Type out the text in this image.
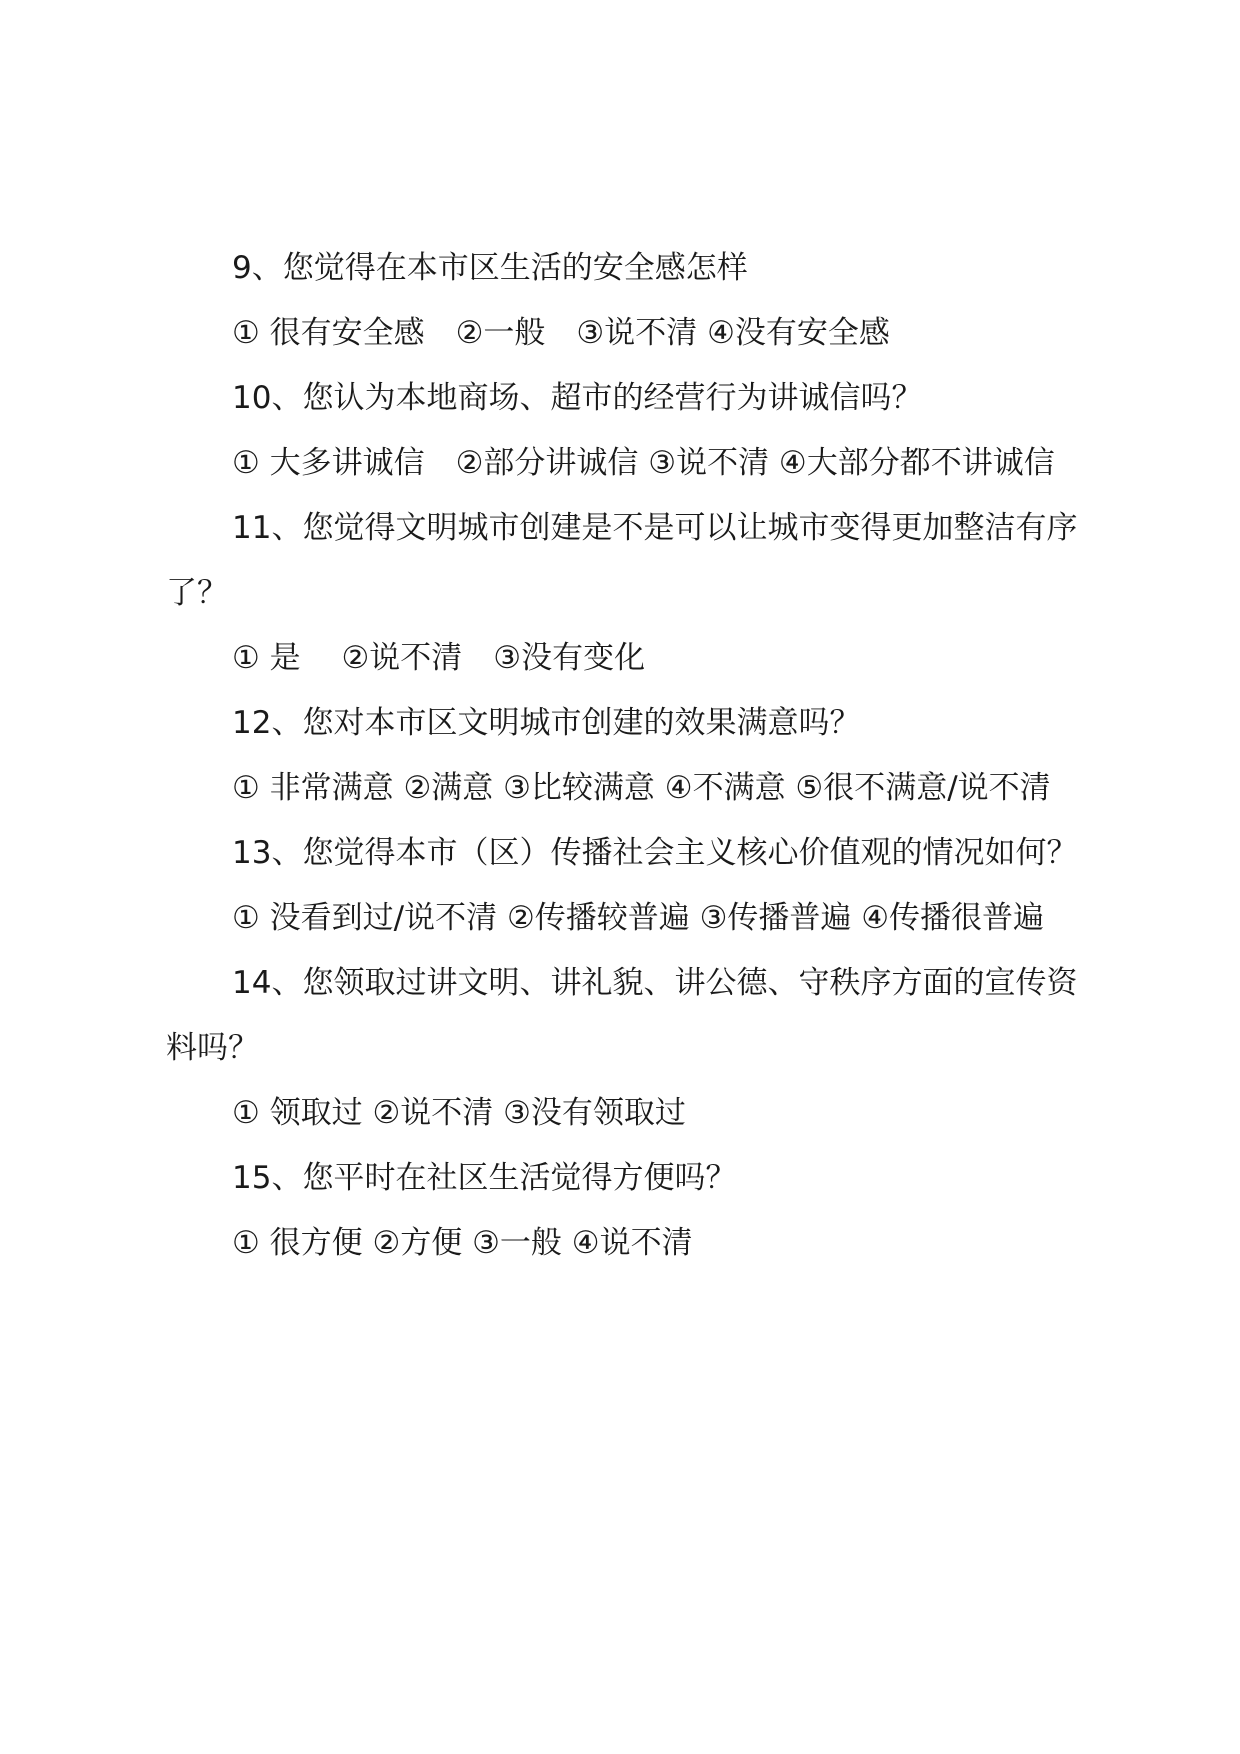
9、您觉得在本市区生活的安全感怎样

① 很有安全感　②一般　③说不清 ④没有安全感

10、您认为本地商场、超市的经营行为讲诚信吗？

① 大多讲诚信　②部分讲诚信 ③说不清 ④大部分都不讲诚信

11、您觉得文明城市创建是不是可以让城市变得更加整洁有序了？

① 是　 ②说不清　③没有变化

12、您对本市区文明城市创建的效果满意吗？

① 非常满意 ②满意 ③比较满意 ④不满意 ⑤很不满意/说不清

13、您觉得本市（区）传播社会主义核心价值观的情况如何？

① 没看到过/说不清 ②传播较普遍 ③传播普遍 ④传播很普遍

14、您领取过讲文明、讲礼貌、讲公德、守秩序方面的宣传资料吗？

① 领取过 ②说不清 ③没有领取过

15、您平时在社区生活觉得方便吗？

① 很方便 ②方便 ③一般 ④说不清
